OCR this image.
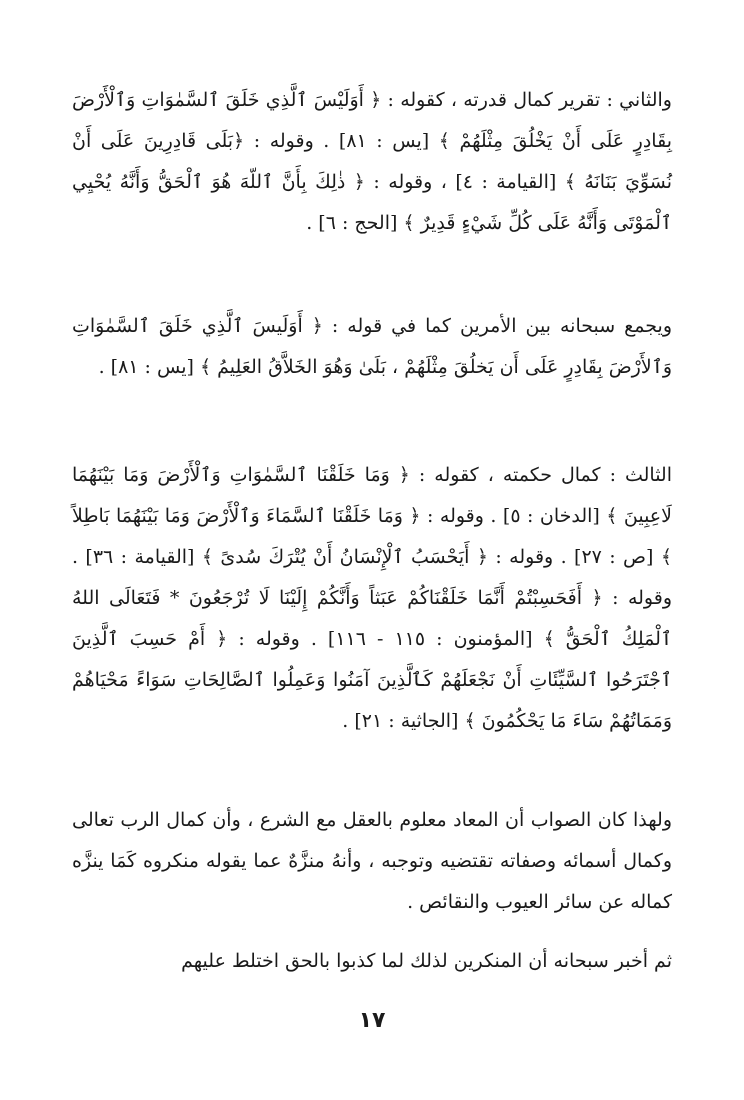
والثاني : تقرير كمال قدرته ، كقوله : ﴿ أَوَلَيْسَ ٱلَّذِي خَلَقَ ٱلسَّمٰوَاتِ وَٱلْأَرْضَ بِقَادِرٍ عَلَى أَنْ يَخْلُقَ مِثْلَهُمْ ﴾ [يس : ٨١] . وقوله : ﴿بَلَى قَادِرِينَ عَلَى أَنْ نُسَوِّيَ بَنَانَهُ ﴾ [القيامة : ٤] ، وقوله : ﴿ ذٰلِكَ بِأَنَّ ٱللّهَ هُوَ ٱلْحَقُّ وَأَنَّهُ يُحْيِي ٱلْمَوْتَى وَأَنَّهُ عَلَى كُلِّ شَيْءٍ قَدِيرٌ ﴾ [الحج : ٦] .

ويجمع سبحانه بين الأمرين كما في قوله : ﴿ أَوَلَيسَ ٱلَّذِي خَلَقَ ٱلسَّمٰوَاتِ وَٱلأَرْضَ بِقَادِرٍ عَلَى أَن يَخلُقَ مِثْلَهُمْ ، بَلَىٰ وَهُوَ الخَلاَّقُ العَلِيمُ ﴾ [يس : ٨١] .

الثالث : كمال حكمته ، كقوله : ﴿ وَمَا خَلَقْنَا ٱلسَّمٰوَاتِ وَٱلْأَرْضَ وَمَا بَيْنَهُمَا لَاعِبِينَ ﴾ [الدخان : ٥] . وقوله : ﴿ وَمَا خَلَقْنَا ٱلسَّمَاءَ وَٱلْأَرْضَ وَمَا بَيْنَهُمَا بَاطِلاً ﴾ [ص : ٢٧] . وقوله : ﴿ أَيَحْسَبُ ٱلْإِنْسَانُ أَنْ يُتْرَكَ سُدىً ﴾ [القيامة : ٣٦] . وقوله : ﴿ أَفَحَسِبْتُمْ أَنَّمَا خَلَقْنَاكُمْ عَبَثاً وَأَنَّكُمْ إِلَيْنَا لَا تُرْجَعُونَ * فَتَعَالَى اللهُ ٱلْمَلِكُ ٱلْحَقُّ ﴾ [المؤمنون : ١١٥ - ١١٦] . وقوله : ﴿ أَمْ حَسِبَ ٱلَّذِينَ ٱجْتَرَحُوا ٱلسَّيِّئَاتِ أَنْ نَجْعَلَهُمْ كَٱلَّذِينَ آمَنُوا وَعَمِلُوا ٱلصَّالِحَاتِ سَوَاءً مَحْيَاهُمْ وَمَمَاتُهُمْ سَاءَ مَا يَحْكُمُونَ ﴾ [الجاثية : ٢١] .

ولهذا كان الصواب أن المعاد معلوم بالعقل مع الشرع ، وأن كمال الرب تعالى وكمال أسمائه وصفاته تقتضيه وتوجبه ، وأنهُ منزَّهٌ عما يقوله منكروه كَمَا ينزَّه كماله عن سائر العيوب والنقائص .

ثم أخبر سبحانه أن المنكرين لذلك لما كذبوا بالحق اختلط عليهم

١٧
